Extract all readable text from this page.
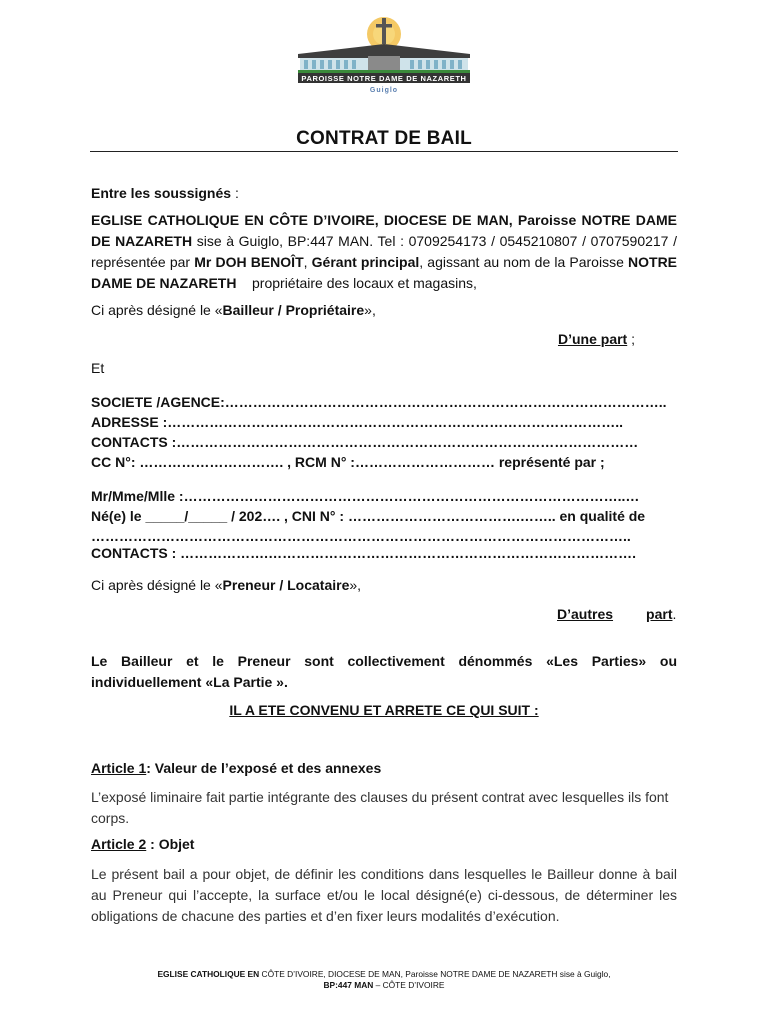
PAROISSE NOTRE DAME DE NAZARETH
Guiglo
CONTRAT DE BAIL
Entre les soussignés :
EGLISE CATHOLIQUE EN CÔTE D’IVOIRE, DIOCESE DE MAN, Paroisse NOTRE DAME DE NAZARETH sise à Guiglo, BP:447 MAN. Tel : 0709254173 / 0545210807 / 0707590217 / représentée par Mr DOH BENOÎT, Gérant principal, agissant au nom de la Paroisse NOTRE DAME DE NAZARETH    propriétaire des locaux et magasins,
Ci après désigné le «Bailleur / Propriétaire»,
D’une part ;
Et
SOCIETE /AGENCE:…………………………………………………………………………………..
ADRESSE :……………………………………………………………………………………..
CONTACTS :………………………………………………………………………………………
CC N°: …………………………. , RCM N° :………………………… représenté par ;
Mr/Mme/Mlle :…………………………………………………………………………………..…
Né(e) le _____/_____ / 202…. , CNI N° : ……………………………….…….. en qualité de
……………………………………………………………………………………………………..
CONTACTS : ……………….…………………………………………………………………….
Ci après désigné le «Preneur / Locataire»,
D’autres part.
Le Bailleur et le Preneur sont collectivement dénommés «Les Parties» ou individuellement «La Partie ».
IL A ETE CONVENU ET ARRETE CE QUI SUIT :
Article 1: Valeur de l’exposé et des annexes
L’exposé liminaire fait partie intégrante des clauses du présent contrat avec lesquelles ils font corps.
Article 2 : Objet
Le présent bail a pour objet, de définir les conditions dans lesquelles le Bailleur donne à bail au Preneur qui l’accepte, la surface et/ou le local désigné(e) ci-dessous, de déterminer les obligations de chacune des parties et d’en fixer leurs modalités d’exécution.
EGLISE CATHOLIQUE EN CÔTE D’IVOIRE, DIOCESE DE MAN, Paroisse NOTRE DAME DE NAZARETH sise à Guiglo,
BP:447 MAN – CÔTE D’IVOIRE
